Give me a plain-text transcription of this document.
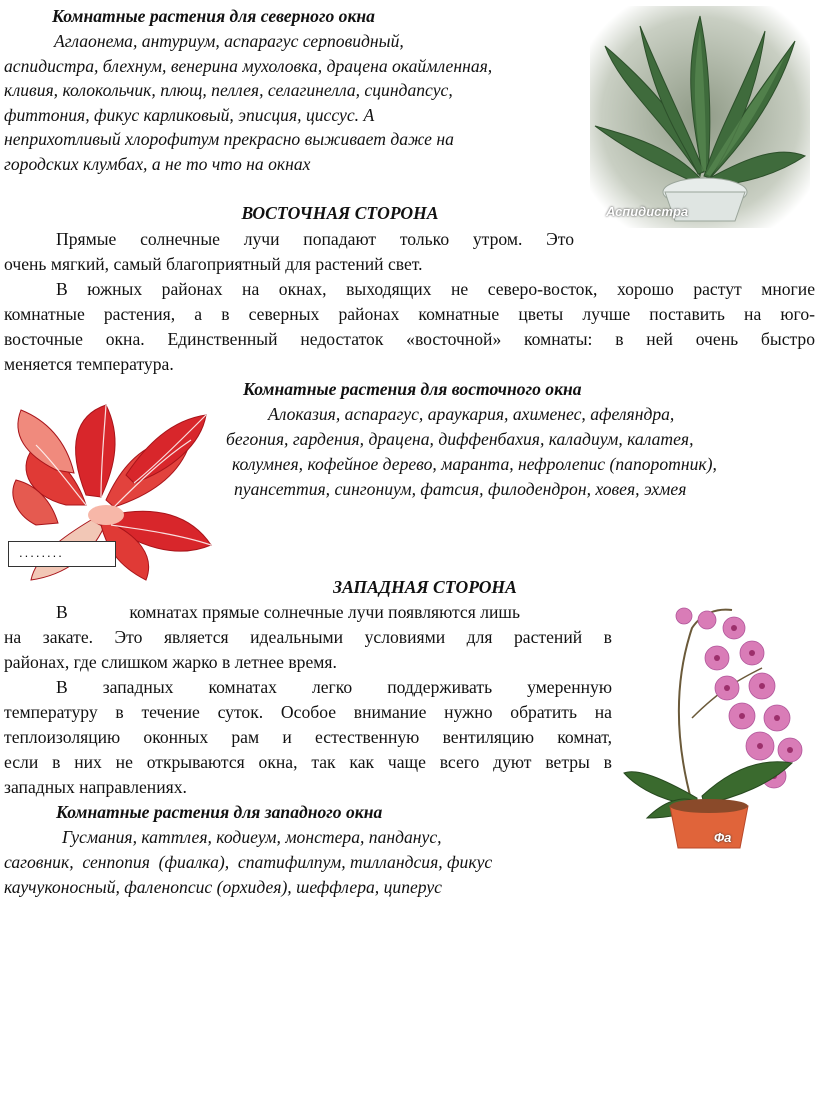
Комнатные растения для северного окна

Аглаонема, антуриум, аспарагус серповидный,

аспидистра, блехнум, венерина мухоловка, драцена окаймленная,

кливия, колокольчик, плющ, пеллея, селагинелла, сциндапсус,

фиттония, фикус карликовый, эписция, циссус. А

неприхотливый хлорофитум прекрасно выживает даже на

городских клумбах, а не то что на окнах

Аспидистра

ВОСТОЧНАЯ СТОРОНА

Прямые солнечные лучи попадают только утром. Это

очень мягкий, самый благоприятный для растений свет.

В южных районах на окнах, выходящих не северо-восток, хорошо растут многие

комнатные растения, а в северных районах комнатные цветы лучше поставить на юго-

восточные окна. Единственный недостаток «восточной» комнаты: в ней очень быстро

меняется температура.

Комнатные растения для восточного окна

Алоказия, аспарагус, араукария, ахименес, афеляндра,

бегония, гардения, драцена, диффенбахия, каладиум, калатея,

колумнея, кофейное дерево, маранта, нефролепис (папоротник),

пуансеттия, сингониум, фатсия, филодендрон, ховея, эхмея

........

ЗАПАДНАЯ СТОРОНА

В              комнатах прямые солнечные лучи появляются лишь

на закате. Это является идеальными условиями для растений в

районах, где слишком жарко в летнее время.

В западных комнатах легко поддерживать умеренную

температуру в течение суток. Особое внимание нужно обратить на

теплоизоляцию оконных рам и естественную вентиляцию комнат,

если в них не открываются окна, так как чаще всего дуют ветры в

западных направлениях.

Комнатные растения для западного окна

Гусмания, каттлея, кодиеум, монстера, пандaнус,

саговник,  сенпопия  (фиалка),  спатифилпум, тилландсия, фикус

каучуконосный, фаленопсис (орхидея), шеффлера, циперус

Фа
